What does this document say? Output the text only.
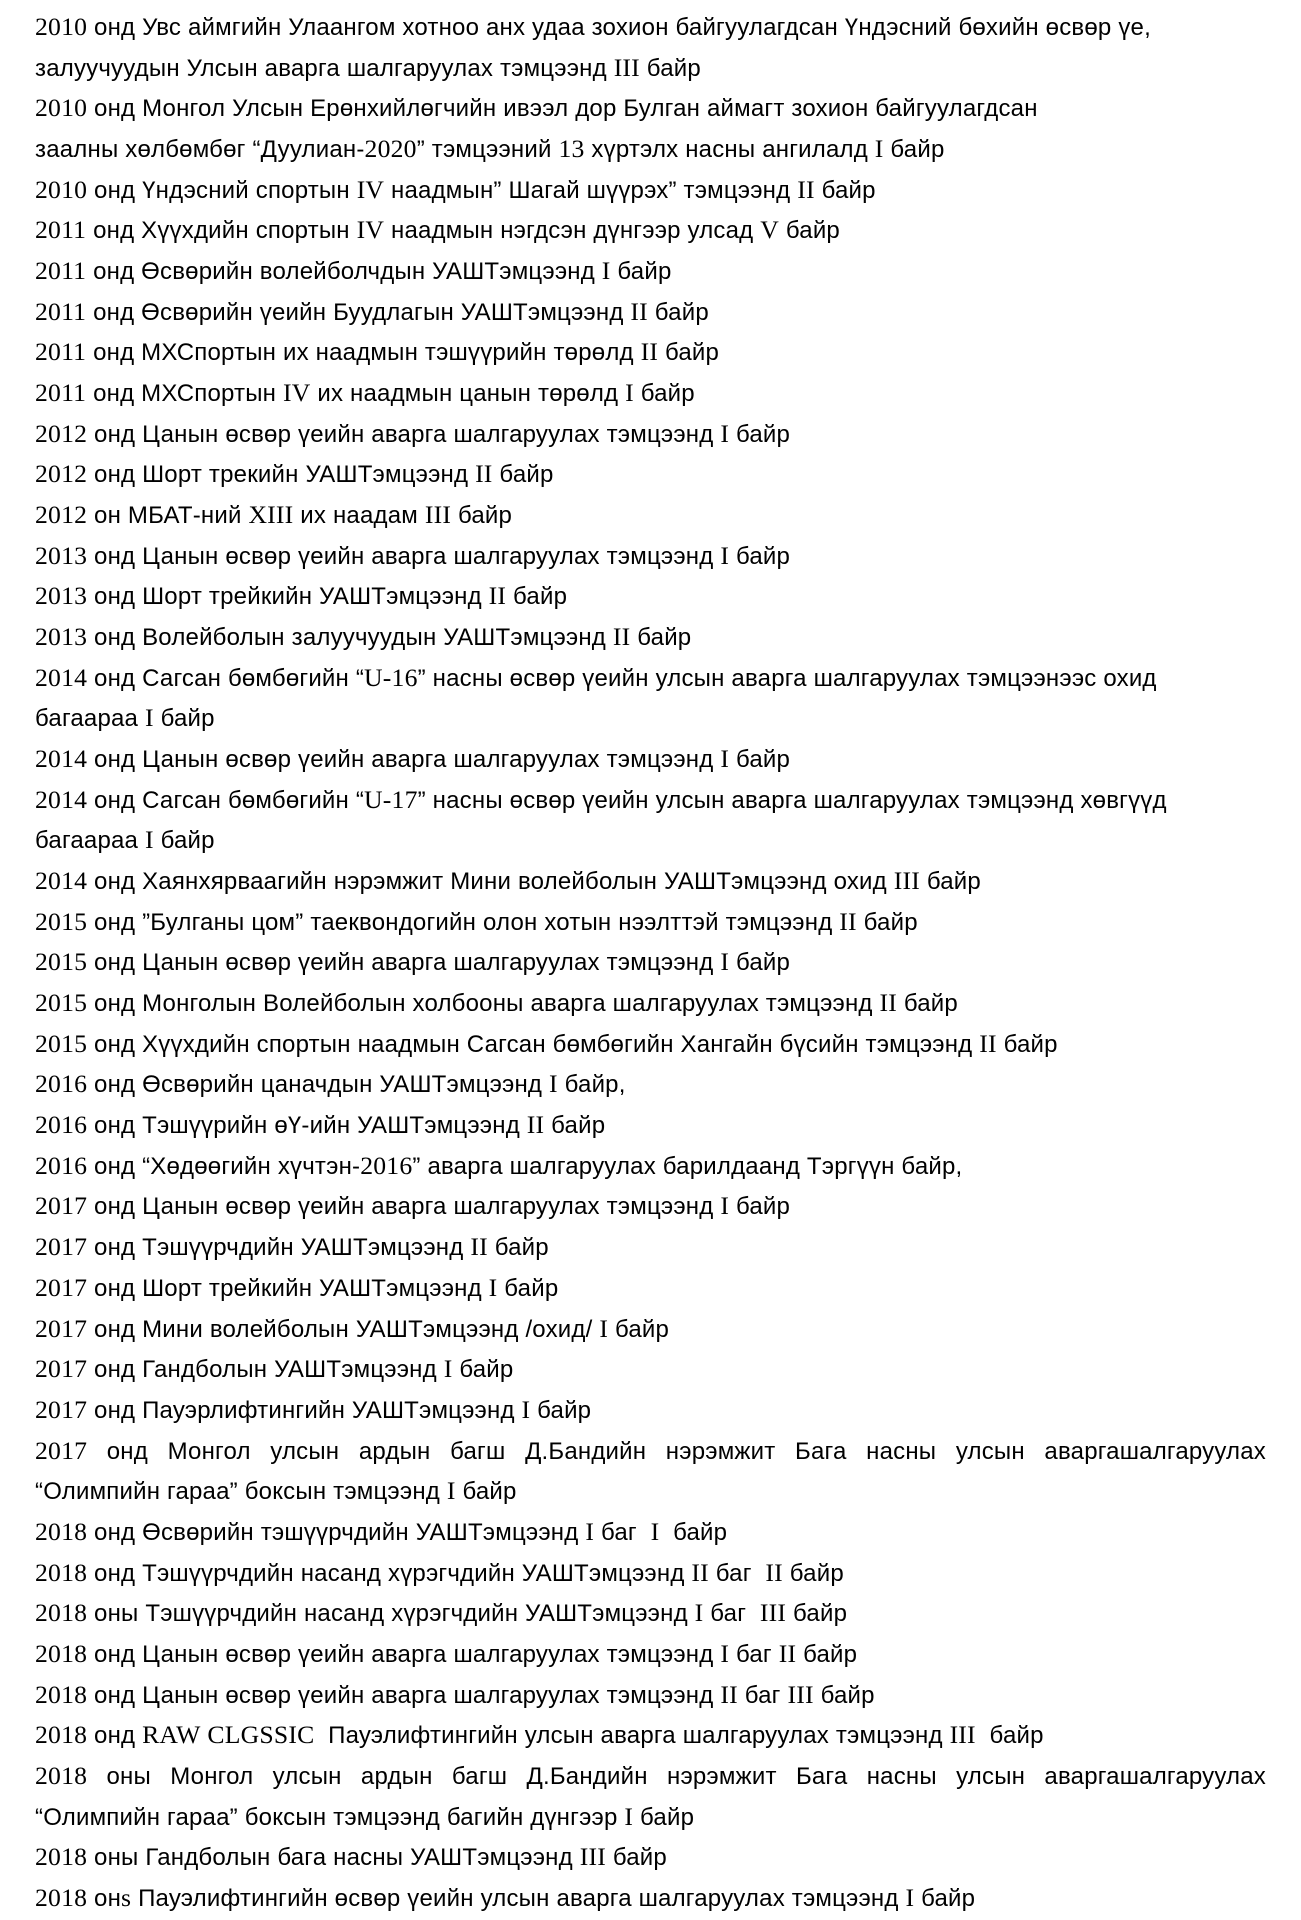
2010 онд Увс аймгийн Улаангом хотноо анх удаа зохион байгуулагдсан Үндэсний бөхийн өсвөр үе,
залуучуудын Улсын аварга шалгаруулах тэмцээнд III байр
2010 онд Монгол Улсын Ерөнхийлөгчийн ивээл дор Булган аймагт зохион байгуулагдсан
заалны хөлбөмбөг “Дуулиан-2020” тэмцээний 13 хүртэлх насны ангилалд I байр
2010 онд Үндэсний спортын IV наадмын” Шагай шүүрэх” тэмцээнд II байр
2011 онд Хүүхдийн спортын IV наадмын нэгдсэн дүнгээр улсад V байр
2011 онд Өсвөрийн волейболчдын УАШТэмцээнд I байр
2011 онд Өсвөрийн үеийн Буудлагын УАШТэмцээнд II байр
2011 онд МХСпортын их наадмын тэшүүрийн төрөлд II байр
2011 онд МХСпортын IV их наадмын цанын төрөлд I байр
2012 онд Цанын өсвөр үеийн аварга шалгаруулах тэмцээнд I байр
2012 онд Шорт трекийн УАШТэмцээнд II байр
2012 он МБАТ-ний XIII их наадам III байр
2013 онд Цанын өсвөр үеийн аварга шалгаруулах тэмцээнд I байр
2013 онд Шорт трейкийн УАШТэмцээнд II байр
2013 онд Волейболын залуучуудын УАШТэмцээнд II байр
2014 онд Сагсан бөмбөгийн “U-16” насны өсвөр үеийн улсын аварга шалгаруулах тэмцээнээс охид
багаараа I байр
2014 онд Цанын өсвөр үеийн аварга шалгаруулах тэмцээнд I байр
2014 онд Сагсан бөмбөгийн “U-17” насны өсвөр үеийн улсын аварга шалгаруулах тэмцээнд хөвгүүд
багаараа I байр
2014 онд Хаянхярваагийн нэрэмжит Мини волейболын УАШТэмцээнд охид III байр
2015 онд ”Булганы цом” таеквондогийн олон хотын нээлттэй тэмцээнд II байр
2015 онд Цанын өсвөр үеийн аварга шалгаруулах тэмцээнд I байр
2015 онд Монголын Волейболын холбооны аварга шалгаруулах тэмцээнд II байр
2015 онд Хүүхдийн спортын наадмын Сагсан бөмбөгийн Хангайн бүсийн тэмцээнд II байр
2016 онд Өсвөрийн цаначдын УАШТэмцээнд I байр,
2016 онд Тэшүүрийн өҮ-ийн УАШТэмцээнд II байр
2016 онд “Хөдөөгийн хүчтэн-2016” аварга шалгаруулах барилдаанд Тэргүүн байр,
2017 онд Цанын өсвөр үеийн аварга шалгаруулах тэмцээнд I байр
2017 онд Тэшүүрчдийн УАШТэмцээнд II байр
2017 онд Шорт трейкийн УАШТэмцээнд I байр
2017 онд Мини волейболын УАШТэмцээнд /охид/ I байр
2017 онд Гандболын УАШТэмцээнд I байр
2017 онд Пауэрлифтингийн УАШТэмцээнд I байр
2017 онд Монгол улсын ардын багш Д.Бандийн нэрэмжит Бага насны улсын аваргашалгаруулах
“Олимпийн гараа” боксын тэмцээнд I байр
2018 онд Өсвөрийн тэшүүрчдийн УАШТэмцээнд I баг  I  байр
2018 онд Тэшүүрчдийн насанд хүрэгчдийн УАШТэмцээнд II баг  II байр
2018 оны Тэшүүрчдийн насанд хүрэгчдийн УАШТэмцээнд I баг  III байр
2018 онд Цанын өсвөр үеийн аварга шалгаруулах тэмцээнд I баг II байр
2018 онд Цанын өсвөр үеийн аварга шалгаруулах тэмцээнд II баг III байр
2018 онд RAW CLGSSIC  Пауэлифтингийн улсын аварга шалгаруулах тэмцээнд III  байр
2018 оны Монгол улсын ардын багш Д.Бандийн нэрэмжит Бага насны улсын аваргашалгаруулах
“Олимпийн гараа” боксын тэмцээнд багийн дүнгээр I байр
2018 оны Гандболын бага насны УАШТэмцээнд III байр
2018 онs Пауэлифтингийн өсвөр үеийн улсын аварга шалгаруулах тэмцээнд I байр
